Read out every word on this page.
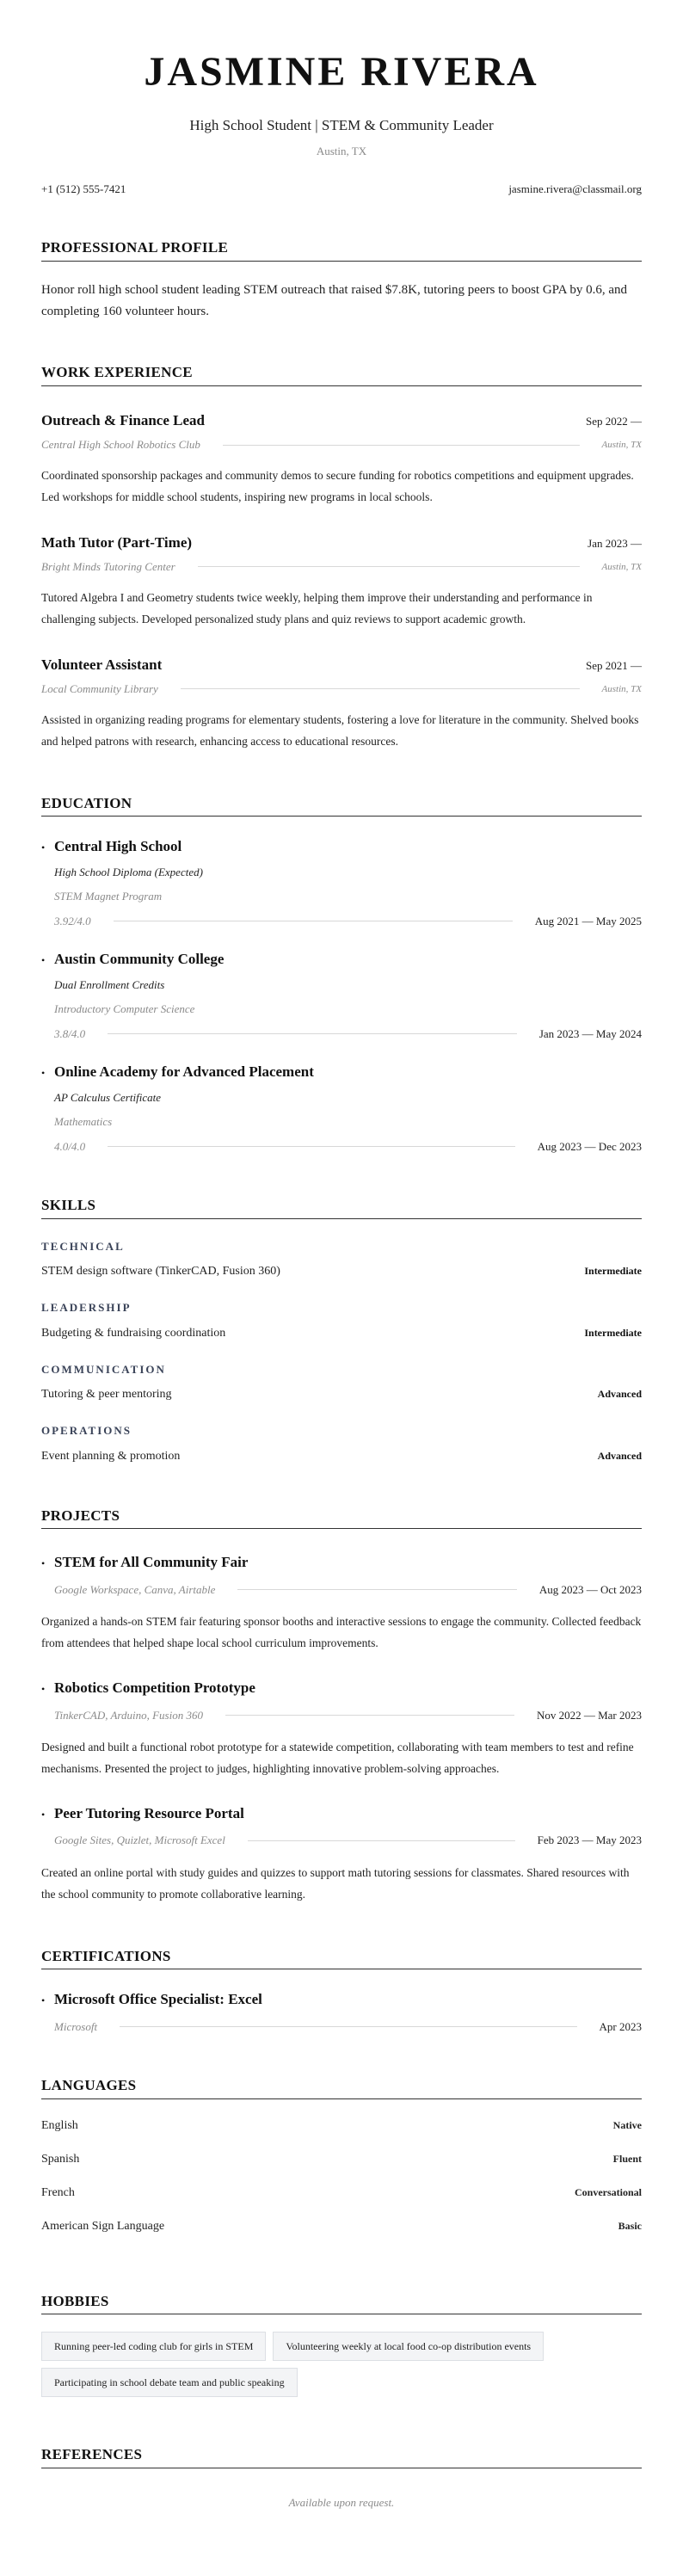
JASMINE RIVERA
High School Student | STEM & Community Leader
Austin, TX
+1 (512) 555-7421	jasmine.rivera@classmail.org
PROFESSIONAL PROFILE

Honor roll high school student leading STEM outreach that raised $7.8K, tutoring peers to boost GPA by 0.6, and completing 160 volunteer hours.

WORK EXPERIENCE
Outreach & Finance Lead	Sep 2022 —
Central High School Robotics Club	Austin, TX

Coordinated sponsorship packages and community demos to secure funding for robotics competitions and equipment upgrades. Led workshops for middle school students, inspiring new programs in local schools.

Math Tutor (Part-Time)	Jan 2023 —
Bright Minds Tutoring Center	Austin, TX

Tutored Algebra I and Geometry students twice weekly, helping them improve their understanding and performance in challenging subjects. Developed personalized study plans and quiz reviews to support academic growth.

Volunteer Assistant	Sep 2021 —
Local Community Library	Austin, TX

Assisted in organizing reading programs for elementary students, fostering a love for literature in the community. Shelved books and helped patrons with research, enhancing access to educational resources.

EDUCATION
• Central High School
High School Diploma (Expected)
STEM Magnet Program
3.92/4.0	Aug 2021 — May 2025
• Austin Community College
Dual Enrollment Credits
Introductory Computer Science
3.8/4.0	Jan 2023 — May 2024
• Online Academy for Advanced Placement
AP Calculus Certificate
Mathematics
4.0/4.0	Aug 2023 — Dec 2023
SKILLS
TECHNICAL
STEM design software (TinkerCAD, Fusion 360)	Intermediate
LEADERSHIP
Budgeting & fundraising coordination	Intermediate
COMMUNICATION
Tutoring & peer mentoring	Advanced
OPERATIONS
Event planning & promotion	Advanced
PROJECTS
• STEM for All Community Fair
Google Workspace, Canva, Airtable	Aug 2023 — Oct 2023

Organized a hands-on STEM fair featuring sponsor booths and interactive sessions to engage the community. Collected feedback from attendees that helped shape local school curriculum improvements.

• Robotics Competition Prototype
TinkerCAD, Arduino, Fusion 360	Nov 2022 — Mar 2023

Designed and built a functional robot prototype for a statewide competition, collaborating with team members to test and refine mechanisms. Presented the project to judges, highlighting innovative problem-solving approaches.

• Peer Tutoring Resource Portal
Google Sites, Quizlet, Microsoft Excel	Feb 2023 — May 2023

Created an online portal with study guides and quizzes to support math tutoring sessions for classmates. Shared resources with the school community to promote collaborative learning.

CERTIFICATIONS
• Microsoft Office Specialist: Excel
Microsoft	Apr 2023
LANGUAGES
English	Native
Spanish	Fluent
French	Conversational
American Sign Language	Basic
HOBBIES
Running peer-led coding club for girls in STEM	Volunteering weekly at local food co-op distribution events
Participating in school debate team and public speaking
REFERENCES
Available upon request.
